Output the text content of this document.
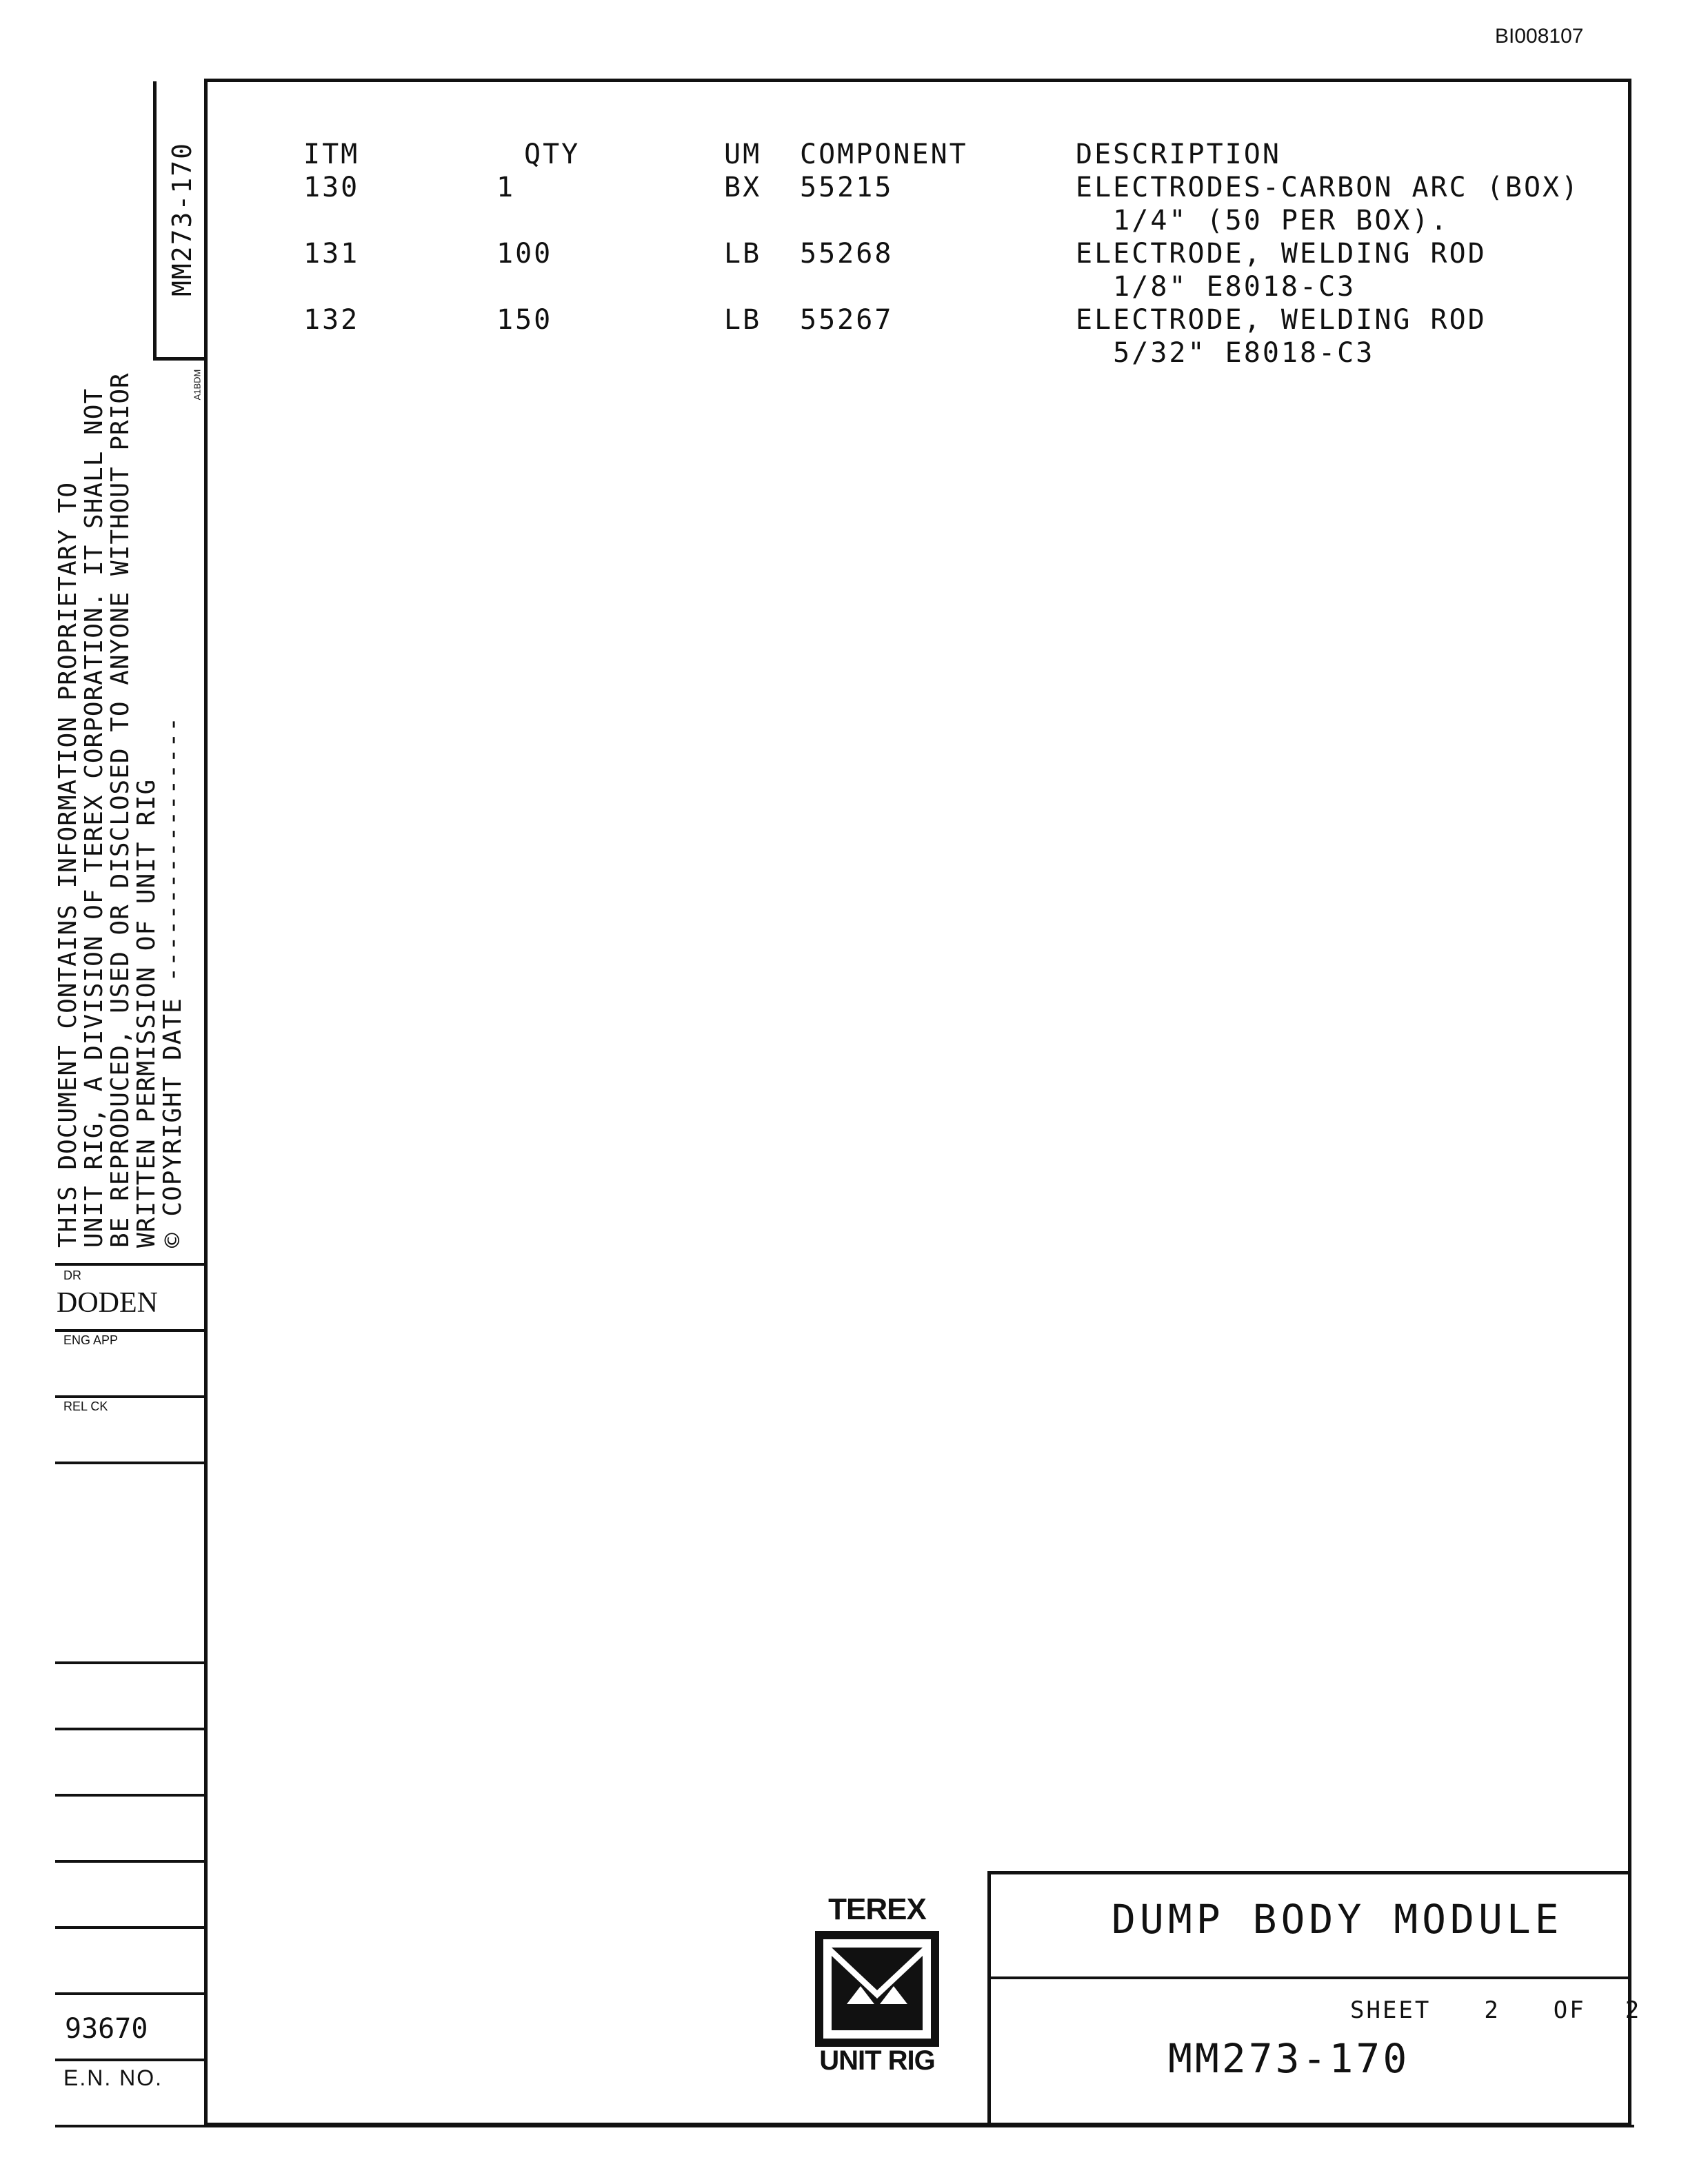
BI008107
MM273-170
A1BDM
THIS DOCUMENT CONTAINS INFORMATION PROPRIETARY TO
UNIT RIG, A DIVISION OF TEREX CORPORATION. IT SHALL NOT
BE REPRODUCED, USED OR DISCLOSED TO ANYONE WITHOUT PRIOR
WRITTEN PERMISSION OF UNIT RIG
© COPYRIGHT DATE -----------------
DR
DODEN
ENG APP
REL CK
93670
E.N. NO.
ITM	QTY	UM	COMPONENT	DESCRIPTION
130	1	BX	55215	ELECTRODES-CARBON ARC (BOX)
1/4" (50 PER BOX).

131	100	LB	55268	ELECTRODE, WELDING ROD
1/8" E8018-C3

132	150	LB	55267	ELECTRODE, WELDING ROD
5/32" E8018-C3
TEREX
UNIT RIG
DUMP BODY MODULE
SHEET 2 OF 2
MM273-170
